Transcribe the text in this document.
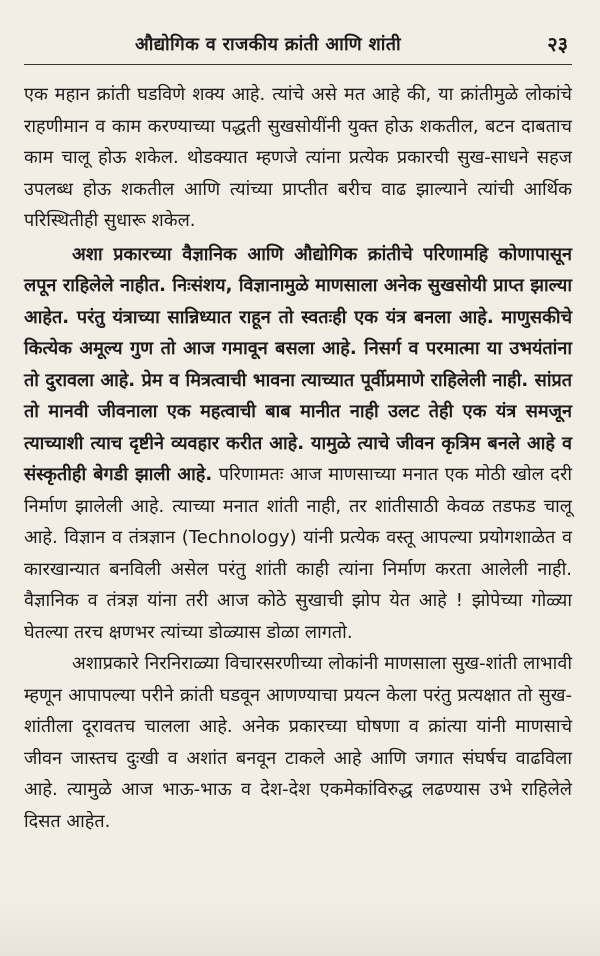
औद्योगिक व राजकीय क्रांती आणि शांती	२३

एक महान क्रांती घडविणे शक्य आहे. त्यांचे असे मत आहे की, या क्रांतीमुळे लोकांचे राहणीमान व काम करण्याच्या पद्धती सुखसोयींनी युक्त होऊ शकतील, बटन दाबताच काम चालू होऊ शकेल. थोडक्यात म्हणजे त्यांना प्रत्येक प्रकारची सुख-साधने सहज उपलब्ध होऊ शकतील आणि त्यांच्या प्राप्तीत बरीच वाढ झाल्याने त्यांची आर्थिक परिस्थितीही सुधारू शकेल.

अशा प्रकारच्या वैज्ञानिक आणि औद्योगिक क्रांतीचे परिणामहि कोणापासून लपून राहिलेले नाहीत. निःसंशय, विज्ञानामुळे माणसाला अनेक सुखसोयी प्राप्त झाल्या आहेत. परंतु यंत्राच्या सान्निध्यात राहून तो स्वतःही एक यंत्र बनला आहे. माणुसकीचे कित्येक अमूल्य गुण तो आज गमावून बसला आहे. निसर्ग व परमात्मा या उभयंतांना तो दुरावला आहे. प्रेम व मित्रत्वाची भावना त्याच्यात पूर्वीप्रमाणे राहिलेली नाही. सांप्रत तो मानवी जीवनाला एक महत्वाची बाब मानीत नाही उलट तेही एक यंत्र समजून त्याच्याशी त्याच दृष्टीने व्यवहार करीत आहे. यामुळे त्याचे जीवन कृत्रिम बनले आहे व संस्कृतीही बेगडी झाली आहे. परिणामतः आज माणसाच्या मनात एक मोठी खोल दरी निर्माण झालेली आहे. त्याच्या मनात शांती नाही, तर शांतीसाठी केवळ तडफड चालू आहे. विज्ञान व तंत्रज्ञान (Technology) यांनी प्रत्येक वस्तू आपल्या प्रयोगशाळेत व कारखान्यात बनविली असेल परंतु शांती काही त्यांना निर्माण करता आलेली नाही. वैज्ञानिक व तंत्रज्ञ यांना तरी आज कोठे सुखाची झोप येत आहे ! झोपेच्या गोळ्या घेतल्या तरच क्षणभर त्यांच्या डोळ्यास डोळा लागतो.

अशाप्रकारे निरनिराळ्या विचारसरणीच्या लोकांनी माणसाला सुख-शांती लाभावी म्हणून आपापल्या परीने क्रांती घडवून आणण्याचा प्रयत्न केला परंतु प्रत्यक्षात तो सुख-शांतीला दूरावतच चालला आहे. अनेक प्रकारच्या घोषणा व क्रांत्या यांनी माणसाचे जीवन जास्तच दुःखी व अशांत बनवून टाकले आहे आणि जगात संघर्षच वाढविला आहे. त्यामुळे आज भाऊ-भाऊ व देश-देश एकमेकांविरुद्ध लढण्यास उभे राहिलेले दिसत आहेत.
